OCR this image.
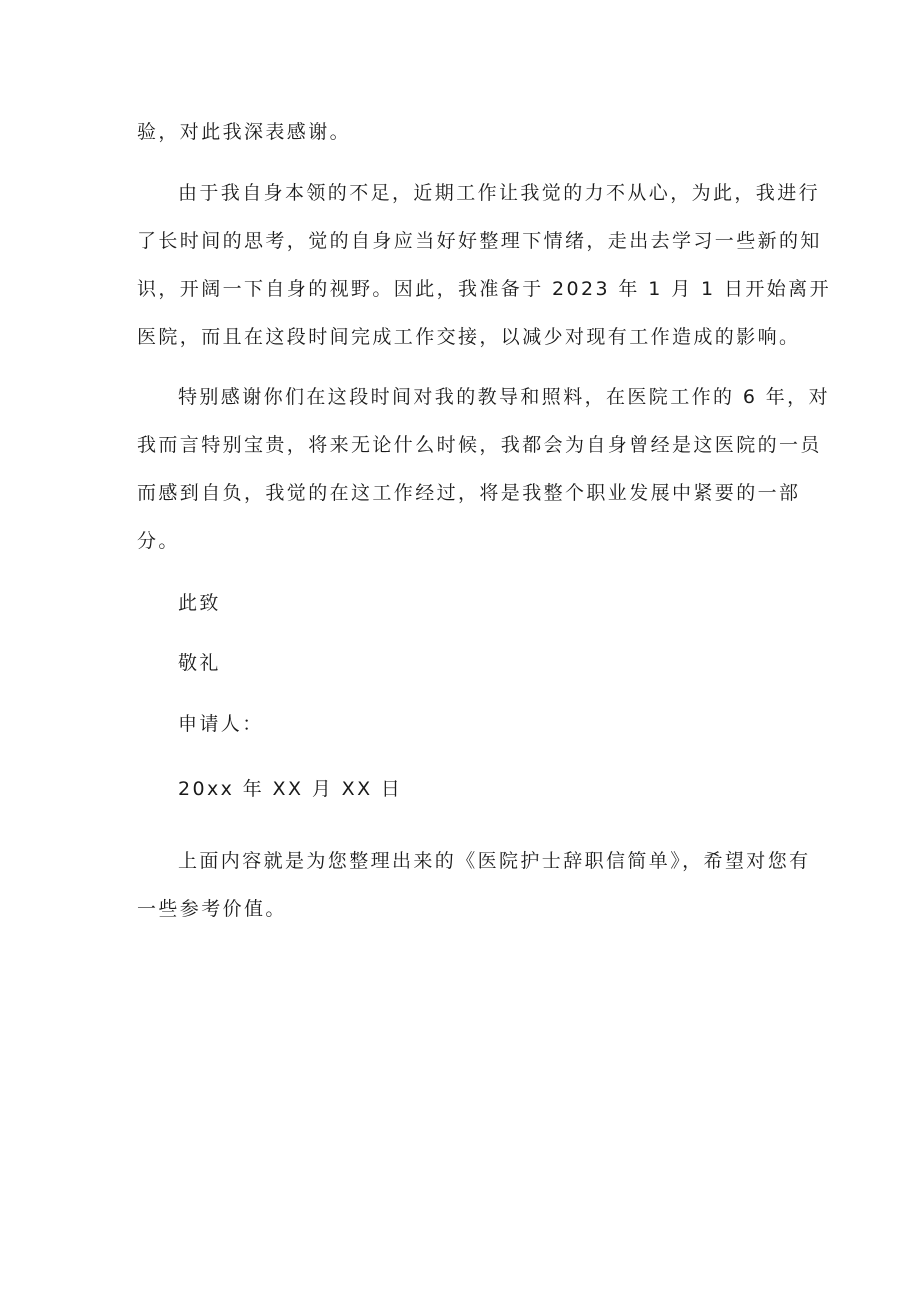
验，对此我深表感谢。
由于我自身本领的不足，近期工作让我觉的力不从心，为此，我进行
了长时间的思考，觉的自身应当好好整理下情绪，走出去学习一些新的知
识，开阔一下自身的视野。因此，我准备于 2023 年 1 月 1 日开始离开
医院，而且在这段时间完成工作交接，以减少对现有工作造成的影响。
特别感谢你们在这段时间对我的教导和照料，在医院工作的 6 年，对
我而言特别宝贵，将来无论什么时候，我都会为自身曾经是这医院的一员
而感到自负，我觉的在这工作经过，将是我整个职业发展中紧要的一部
分。
此致
敬礼
申请人：
20xx 年 XX 月 XX 日
上面内容就是为您整理出来的《医院护士辞职信简单》，希望对您有
一些参考价值。
